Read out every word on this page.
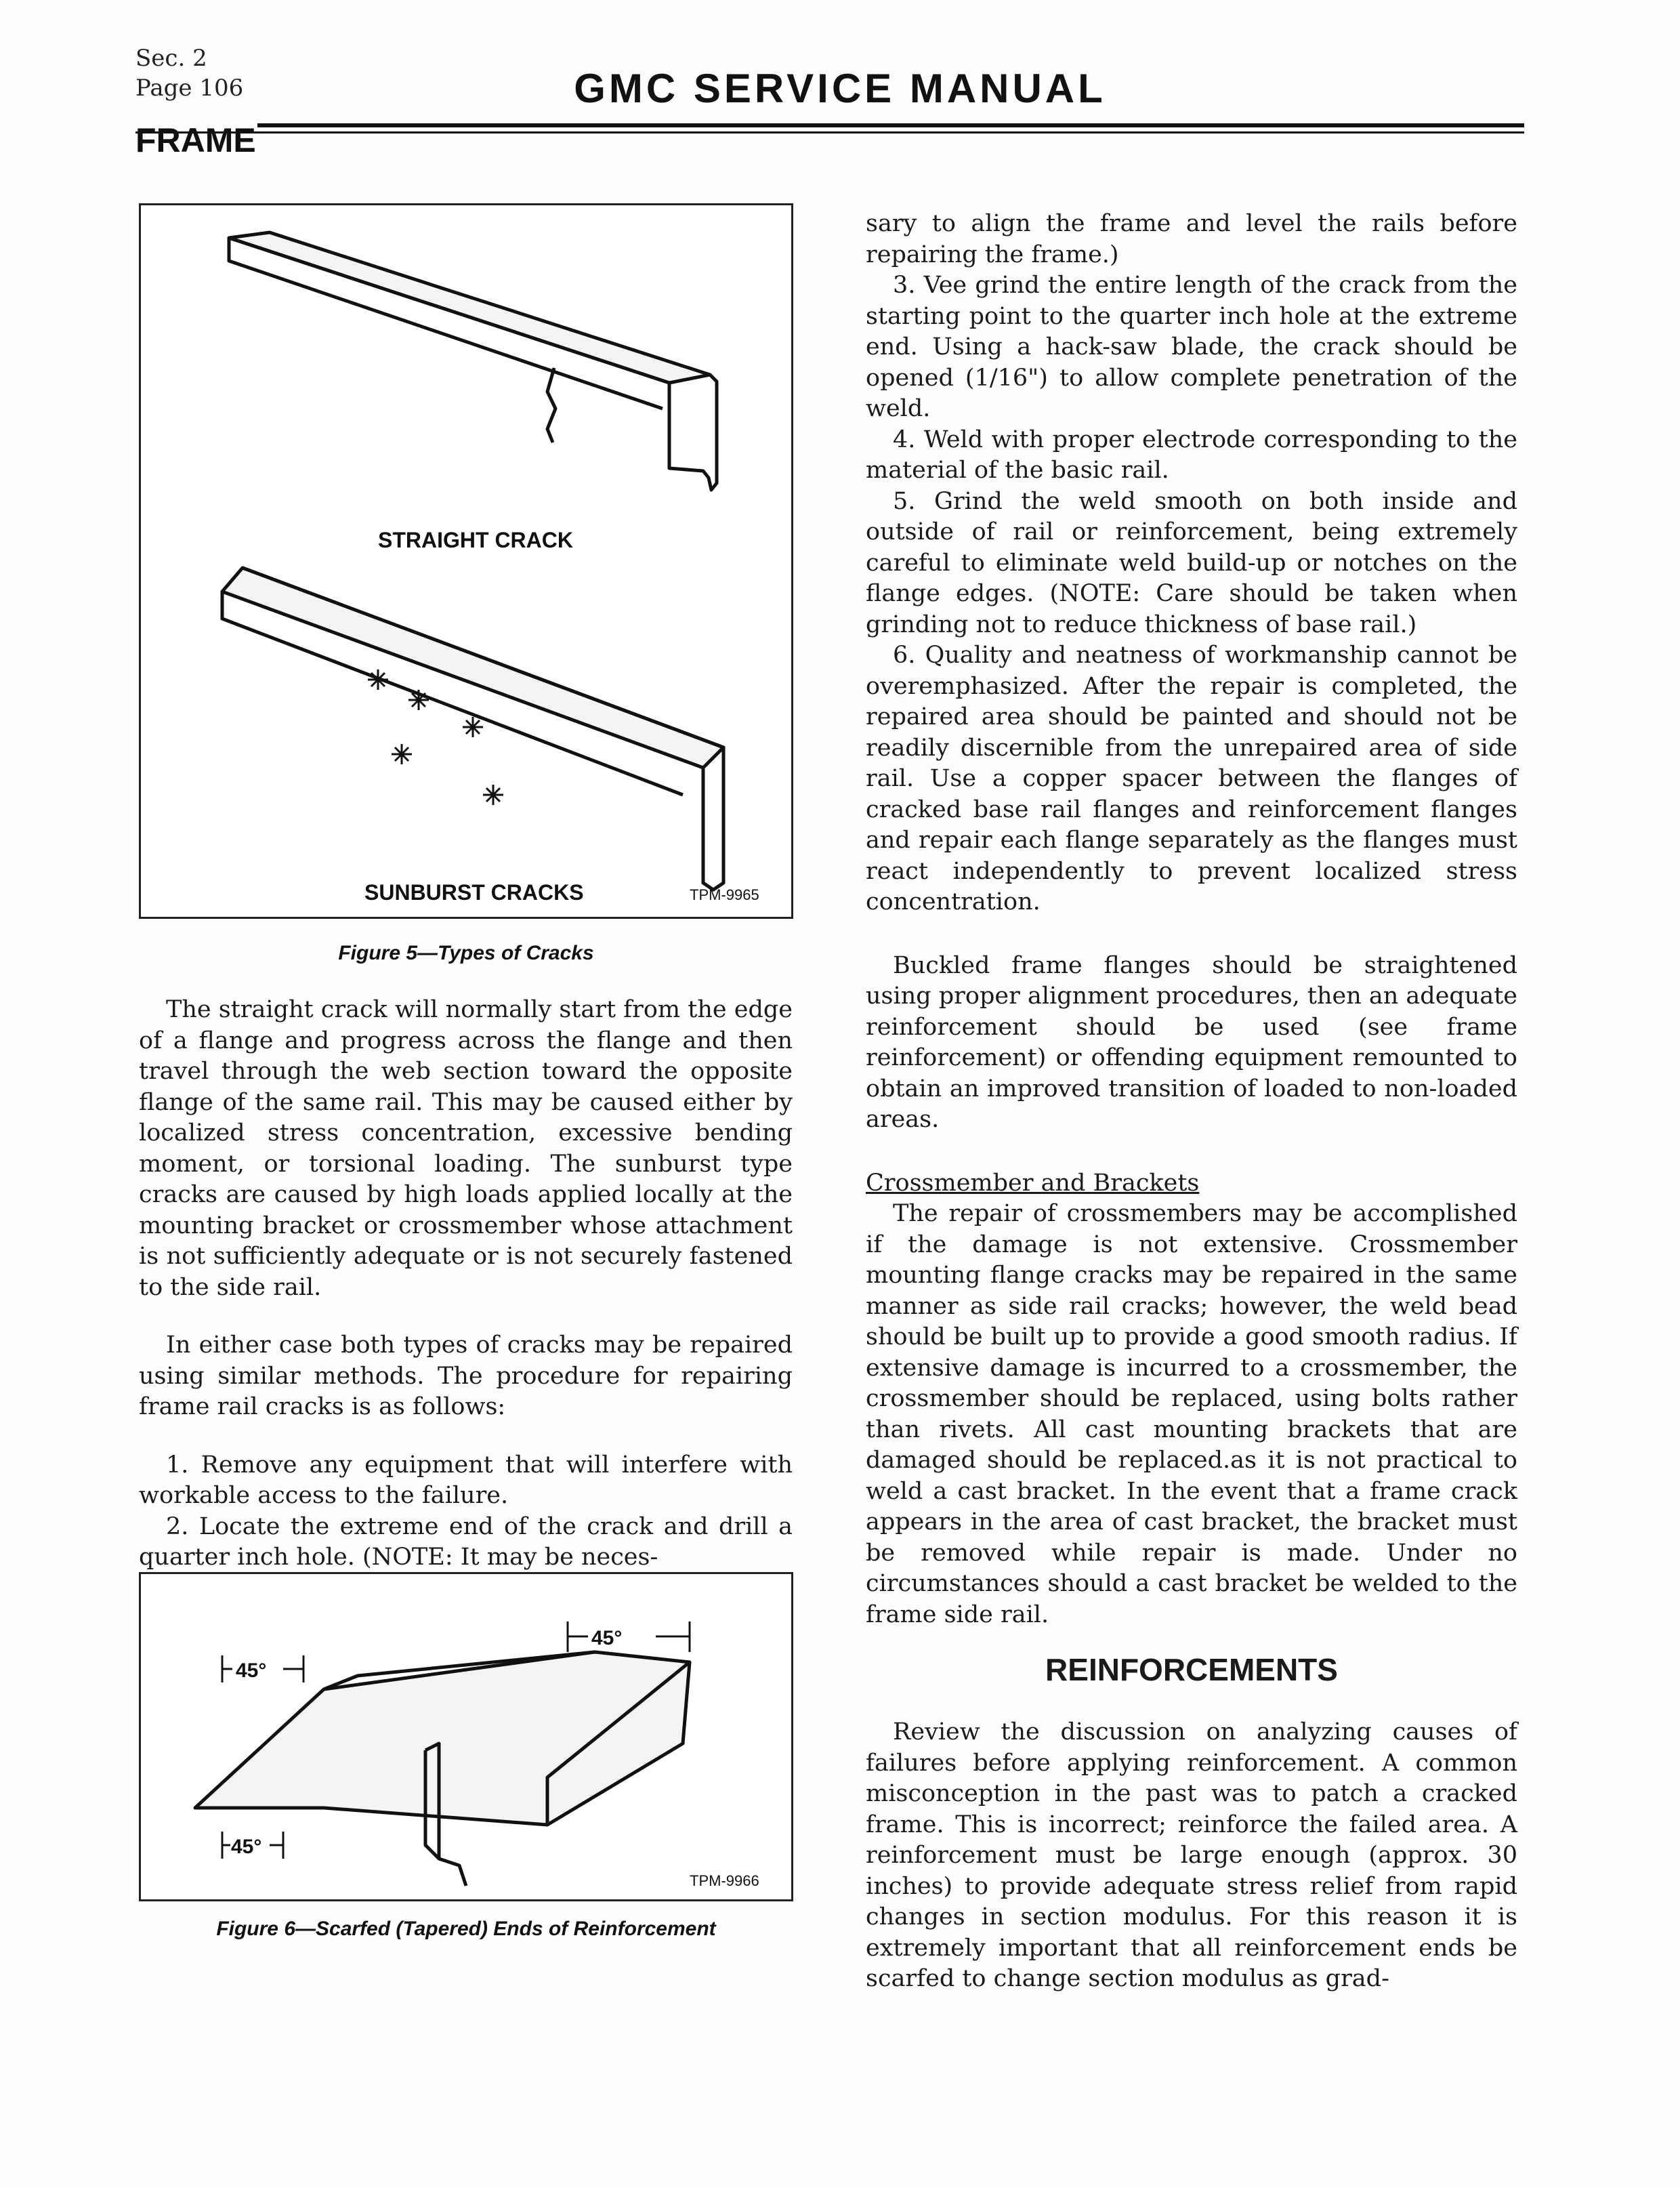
Sec. 2
Page 106	GMC SERVICE MANUAL
FRAME
STRAIGHT CRACK
SUNBURST CRACKS	TPM-9965
Figure 5—Types of Cracks

The straight crack will normally start from the edge of a flange and progress across the flange and then travel through the web section toward the opposite flange of the same rail. This may be caused either by localized stress concentration, excessive bending moment, or torsional loading. The sunburst type cracks are caused by high loads applied locally at the mounting bracket or crossmember whose attachment is not sufficiently adequate or is not securely fastened to the side rail.

In either case both types of cracks may be repaired using similar methods. The procedure for repairing frame rail cracks is as follows:

1. Remove any equipment that will interfere with workable access to the failure.

2. Locate the extreme end of the crack and drill a quarter inch hole. (NOTE: It may be neces-

45°
45°
45°
TPM-9966
Figure 6—Scarfed (Tapered) Ends of Reinforcement

sary to align the frame and level the rails before repairing the frame.)

3. Vee grind the entire length of the crack from the starting point to the quarter inch hole at the extreme end. Using a hack-saw blade, the crack should be opened (1/16") to allow complete penetration of the weld.

4. Weld with proper electrode corresponding to the material of the basic rail.

5. Grind the weld smooth on both inside and outside of rail or reinforcement, being extremely careful to eliminate weld build-up or notches on the flange edges. (NOTE: Care should be taken when grinding not to reduce thickness of base rail.)

6. Quality and neatness of workmanship cannot be overemphasized. After the repair is completed, the repaired area should be painted and should not be readily discernible from the unrepaired area of side rail. Use a copper spacer between the flanges of cracked base rail flanges and reinforcement flanges and repair each flange separately as the flanges must react independently to prevent localized stress concentration.

Buckled frame flanges should be straightened using proper alignment procedures, then an adequate reinforcement should be used (see frame reinforcement) or offending equipment remounted to obtain an improved transition of loaded to non-loaded areas.

Crossmember and Brackets

The repair of crossmembers may be accomplished if the damage is not extensive. Crossmember mounting flange cracks may be repaired in the same manner as side rail cracks; however, the weld bead should be built up to provide a good smooth radius. If extensive damage is incurred to a crossmember, the crossmember should be replaced, using bolts rather than rivets. All cast mounting brackets that are damaged should be replaced.as it is not practical to weld a cast bracket. In the event that a frame crack appears in the area of cast bracket, the bracket must be removed while repair is made. Under no circumstances should a cast bracket be welded to the frame side rail.

REINFORCEMENTS

Review the discussion on analyzing causes of failures before applying reinforcement. A common misconception in the past was to patch a cracked frame. This is incorrect; reinforce the failed area. A reinforcement must be large enough (approx. 30 inches) to provide adequate stress relief from rapid changes in section modulus. For this reason it is extremely important that all reinforcement ends be scarfed to change section modulus as grad-
